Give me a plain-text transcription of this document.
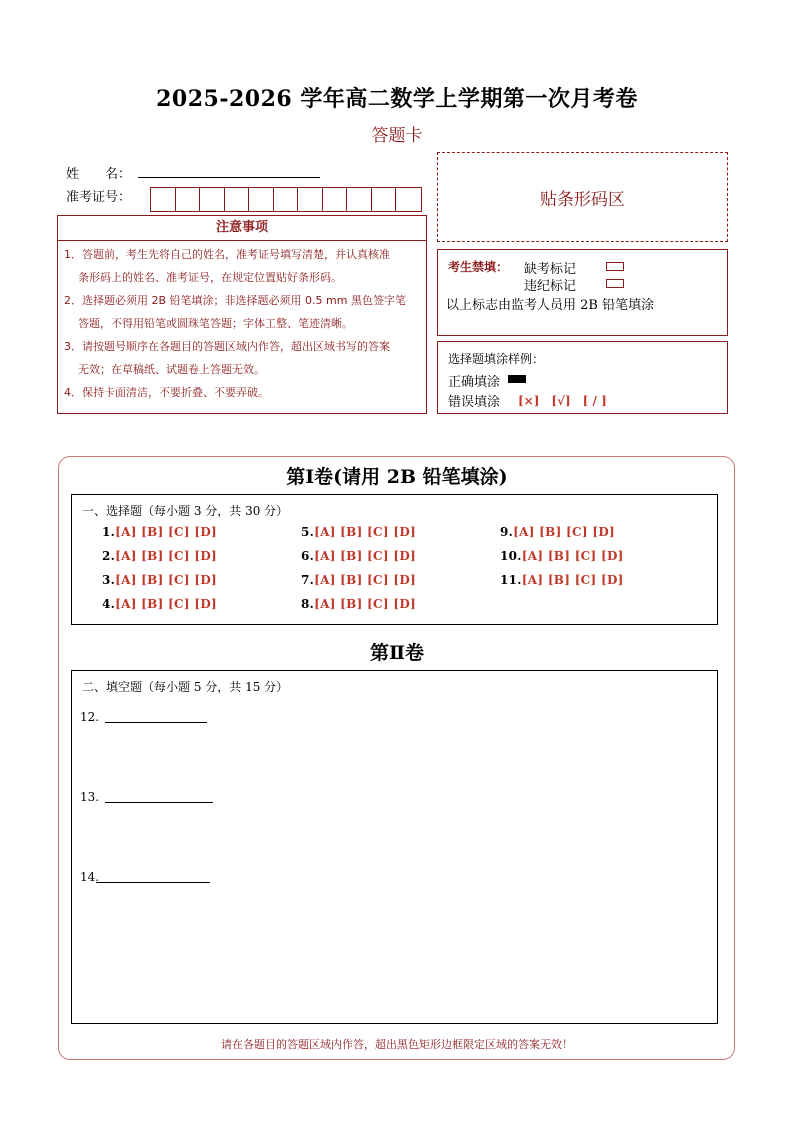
2025-2026 学年高二数学上学期第一次月考卷
答题卡
姓　　名：
准考证号：	贴条形码区
注意事项
1．答题前，考生先将自己的姓名，准考证号填写清楚，并认真核准
条形码上的姓名、准考证号，在规定位置贴好条形码。
2．选择题必须用 2B 铅笔填涂；非选择题必须用 0.5 mm 黑色签字笔
答题，不得用铅笔或圆珠笔答题；字体工整、笔迹清晰。
3．请按题号顺序在各题目的答题区域内作答，超出区域书写的答案
无效；在草稿纸、试题卷上答题无效。
4．保持卡面清洁，不要折叠、不要弄破。
考生禁填： 缺考标记
违纪标记
以上标志由监考人员用 2B 铅笔填涂
选择题填涂样例：
正确填涂
错误填涂 [×]　[√]　[ / ]
第Ⅰ卷(请用 2B 铅笔填涂)
一、选择题（每小题 3 分，共 30 分）
1.[A] [B] [C] [D]
2.[A] [B] [C] [D]
3.[A] [B] [C] [D]
4.[A] [B] [C] [D]
5.[A] [B] [C] [D]
6.[A] [B] [C] [D]
7.[A] [B] [C] [D]
8.[A] [B] [C] [D]
9.[A] [B] [C] [D]
10.[A] [B] [C] [D]
11.[A] [B] [C] [D]
第Ⅱ卷
二、填空题（每小题 5 分，共 15 分）
12.
13.
14.
请在各题目的答题区域内作答，超出黑色矩形边框限定区域的答案无效！
